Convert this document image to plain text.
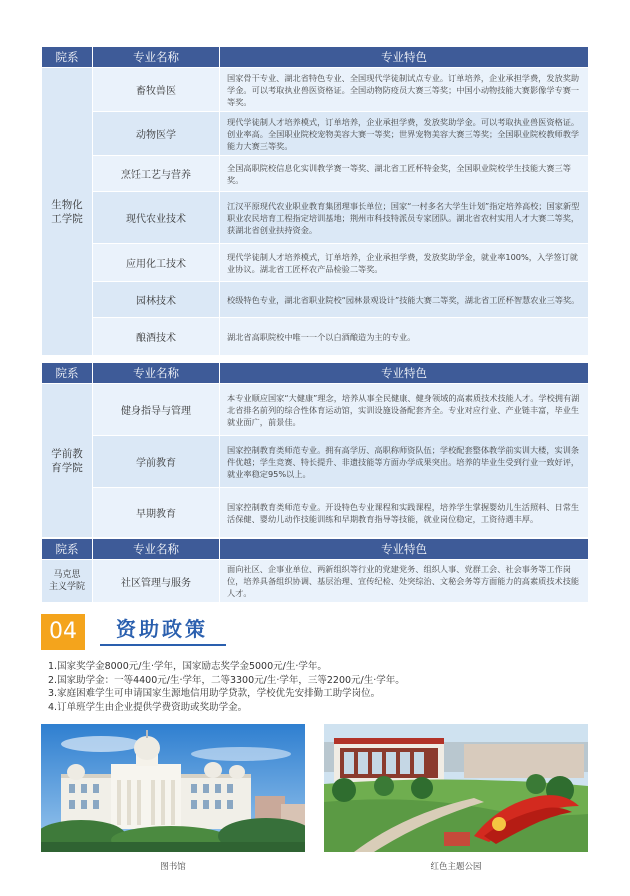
院系	专业名称	专业特色
生物化
工学院	畜牧兽医	国家骨干专业、湖北省特色专业、全国现代学徒制试点专业。订单培养，企业承担学费，发放奖助学金。可以考取执业兽医资格证。全国动物防疫员大赛三等奖；中国小动物技能大赛影像学专赛一等奖。
	动物医学	现代学徒制人才培养模式，订单培养，企业承担学费，发放奖助学金。可以考取执业兽医资格证。创业率高。全国职业院校宠物美容大赛一等奖；世界宠物美容大赛三等奖；全国职业院校教师教学能力大赛三等奖。
	烹饪工艺与营养	全国高职院校信息化实训教学赛一等奖、湖北省工匠杯特金奖，全国职业院校学生技能大赛三等奖。
	现代农业技术	江汉平原现代农业职业教育集团理事长单位；国家“一村多名大学生计划”指定培养高校；国家新型职业农民培育工程指定培训基地；荆州市科技特派员专家团队。湖北省农村实用人才大赛二等奖，获湖北省创业扶持资金。
	应用化工技术	现代学徒制人才培养模式，订单培养，企业承担学费，发放奖助学金，就业率100%，入学签订就业协议。湖北省工匠杯农产品检验二等奖。
	园林技术	校级特色专业，湖北省职业院校“园林景观设计”技能大赛二等奖，湖北省工匠杯智慧农业三等奖。
	酿酒技术	湖北省高职院校中唯一一个以白酒酿造为主的专业。
院系	专业名称	专业特色
学前教
育学院	健身指导与管理	本专业顺应国家“大健康”理念，培养从事全民健康、健身领域的高素质技术技能人才。学校拥有湖北省排名前列的综合性体育运动馆，实训设施设备配套齐全。专业对应行业、产业链丰富，毕业生就业面广，前景佳。
	学前教育	国家控制教育类师范专业。拥有高学历、高职称师资队伍；学校配套整体教学前实训大楼，实训条件优越；学生竞赛、特长提升、非遗技能等方面办学成果突出。培养的毕业生受到行业一致好评，就业率稳定95%以上。
	早期教育	国家控制教育类师范专业。开设特色专业课程和实践课程，培养学生掌握婴幼儿生活照料、日常生活保健、婴幼儿动作技能训练和早期教育指导等技能，就业岗位稳定，工资待遇丰厚。
院系	专业名称	专业特色
马克思
主义学院	社区管理与服务	面向社区、企事业单位、两新组织等行业的党建党务、组织人事、党群工会、社会事务等工作岗位，培养具备组织协调、基层治理、宣传纪检、处突综治、文秘会务等方面能力的高素质技术技能人才。
04	资助政策
1.国家奖学金8000元/生·学年，国家励志奖学金5000元/生·学年。
2.国家助学金：一等4400元/生·学年，二等3300元/生·学年，三等2200元/生·学年。
3.家庭困难学生可申请国家生源地信用助学贷款，学校优先安排勤工助学岗位。
4.订单班学生由企业提供学费资助或奖助学金。
图书馆	红色主题公园
